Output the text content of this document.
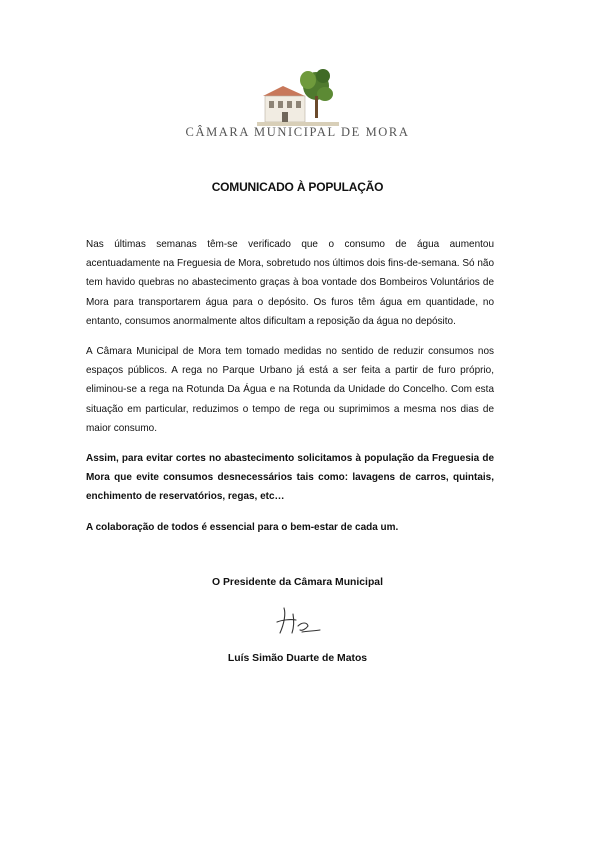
CÂMARA MUNICIPAL DE MORA
COMUNICADO À POPULAÇÃO

Nas últimas semanas têm-se verificado que o consumo de água aumentou acentuadamente na Freguesia de Mora, sobretudo nos últimos dois fins-de-semana. Só não tem havido quebras no abastecimento graças à boa vontade dos Bombeiros Voluntários de Mora para transportarem água para o depósito. Os furos têm água em quantidade, no entanto, consumos anormalmente altos dificultam a reposição da água no depósito.

A Câmara Municipal de Mora tem tomado medidas no sentido de reduzir consumos nos espaços públicos. A rega no Parque Urbano já está a ser feita a partir de furo próprio, eliminou-se a rega na Rotunda Da Água e na Rotunda da Unidade do Concelho. Com esta situação em particular, reduzimos o tempo de rega ou suprimimos a mesma nos dias de maior consumo.

Assim, para evitar cortes no abastecimento solicitamos à população da Freguesia de Mora que evite consumos desnecessários tais como: lavagens de carros, quintais, enchimento de reservatórios, regas, etc…

A colaboração de todos é essencial para o bem-estar de cada um.

O Presidente da Câmara Municipal
Luís Simão Duarte de Matos
